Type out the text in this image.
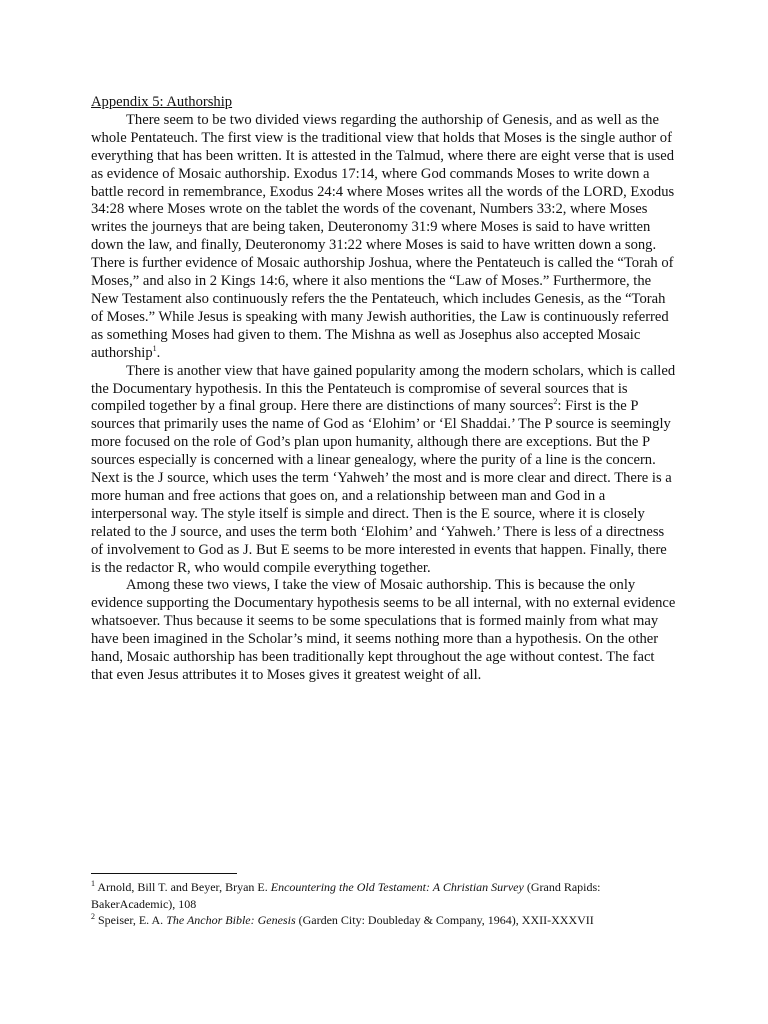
Appendix 5: Authorship

There seem to be two divided views regarding the authorship of Genesis, and as well as the whole Pentateuch. The first view is the traditional view that holds that Moses is the single author of everything that has been written. It is attested in the Talmud, where there are eight verse that is used as evidence of Mosaic authorship. Exodus 17:14, where God commands Moses to write down a battle record in remembrance, Exodus 24:4 where Moses writes all the words of the LORD, Exodus 34:28 where Moses wrote on the tablet the words of the covenant, Numbers 33:2, where Moses writes the journeys that are being taken, Deuteronomy 31:9 where Moses is said to have written down the law, and finally, Deuteronomy 31:22 where Moses is said to have written down a song. There is further evidence of Mosaic authorship Joshua, where the Pentateuch is called the “Torah of Moses,” and also in 2 Kings 14:6, where it also mentions the “Law of Moses.” Furthermore, the New Testament also continuously refers the the Pentateuch, which includes Genesis, as the “Torah of Moses.” While Jesus is speaking with many Jewish authorities, the Law is continuously referred as something Moses had given to them. The Mishna as well as Josephus also accepted Mosaic authorship$^1$.

There is another view that have gained popularity among the modern scholars, which is called the Documentary hypothesis. In this the Pentateuch is compromise of several sources that is compiled together by a final group. Here there are distinctions of many sources$^2$: First is the P sources that primarily uses the name of God as ‘Elohim’ or ‘El Shaddai.’ The P source is seemingly more focused on the role of God’s plan upon humanity, although there are exceptions. But the P sources especially is concerned with a linear genealogy, where the purity of a line is the concern. Next is the J source, which uses the term ‘Yahweh’ the most and is more clear and direct. There is a more human and free actions that goes on, and a relationship between man and God in a interpersonal way. The style itself is simple and direct. Then is the E source, where it is closely related to the J source, and uses the term both ‘Elohim’ and ‘Yahweh.’ There is less of a directness of involvement to God as J. But E seems to be more interested in events that happen. Finally, there is the redactor R, who would compile everything together.

Among these two views, I take the view of Mosaic authorship. This is because the only evidence supporting the Documentary hypothesis seems to be all internal, with no external evidence whatsoever. Thus because it seems to be some speculations that is formed mainly from what may have been imagined in the Scholar’s mind, it seems nothing more than a hypothesis. On the other hand, Mosaic authorship has been traditionally kept throughout the age without contest. The fact that even Jesus attributes it to Moses gives it greatest weight of all.

$^1$ Arnold, Bill T. and Beyer, Bryan E. Encountering the Old Testament: A Christian Survey (Grand Rapids: BakerAcademic), 108

$^2$ Speiser, E. A. The Anchor Bible: Genesis (Garden City: Doubleday & Company, 1964), XXII-XXXVII
